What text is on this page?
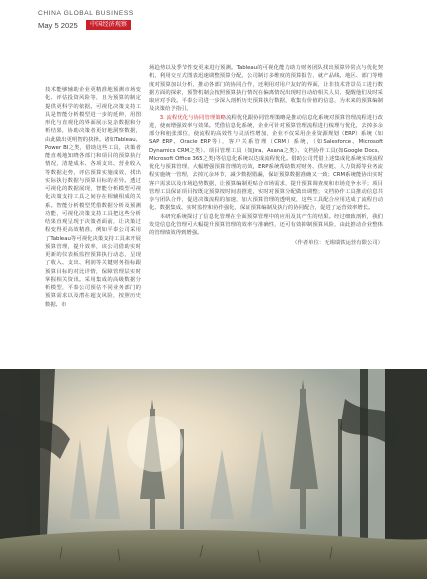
CHINA GLOBAL BUSINESS
May 5 2025	中国经济观察

技术能够辅助企业更精准地预测市场变化、评估投资风险等，且为预算的制定提供更科学的依据。可视化决策支持工具是智能分析模型进一步的延伸，用图形化与直观化的界面展示复杂数据和分析结果，协助决策者更好地洞察数据，由此做出更明智的抉择。诸如Tableau、Power BI之类，借助这些工具，决策者能直观地知晓各部门和项目的预算执行情况，清楚成本、各项支出、营业收入等数据走势，评估预算实施成效，找出实际执行数据与预算目标的差异。透过可视化的数据展现，智能分析模型可视化决策支持工具之间存在相辅相成的关系。智能分析模型凭借数据分析及预测功能，可视化决策支持工具把这些分析结果直观呈现于决策者面前，让决策过程变得更高效精准。例如平泰公司采用了Tableau等可视化决策支持工具来开展预算管理，提升效率，该公司借助实时更新的仪表板监控预算执行动态，呈现了收入、支出、利润等关键财务指标跟预算目标的对比详情，保障管理层实时掌握相关资讯。采用集成的高级数据分析模型，平泰公司预估不同业务部门的预算需求以及潜在超支风险，按照历史数据、市

场趋势以及季节性变更来进行预测。Tableau的可视化能力助力财务团队找出预算异常点与优化契机，利用交互式图表迅速调整预算分配，公司制订多维度的预算报告，就产品线、地区、部门等维度对预算加以分析，推动各部门的协同合作，还利用对用户友好的界面，让非技术背景员工进行数据方面的探索，预警机制会按照预算执行情况在偏离情况出现时自动给相关人员，提醒他们及时采取应对手段。平泰公司进一步深入剖析历史预算执行数据，收集有价值的信息，为未来的预算编制及决策给予指引。

3. 流程优化与协同管理策略流程优化跟协同管理策略是推动信息化系统对预算管理流程进行改进，使而增强效率与效果。凭借信息化系统，企业可针对预算管理流程进行梳理与优化，去掉多余部分和租张部位，使流程的高效性与灵活性增加，企业不仅采用企业资源规划（ERP）系统（如SAP ERP、Oracle ERP等），客户关系管理（CRM）系统，（如Salesforce、Microsoft Dynamics CRM之类）、项目管理工具（如Jira、Asana之类）、文档协作工具(如Google Docs、Microsoft Office 365之类)等信息化系统以达成流程优化。借助公司凭借上述集成化系统实现流程优化与预算管理，大幅增强预算管理的功效，ERP系统帮助数对财务、供应链、人力资源等业务流程实施统一管理，去掉冗余环节，减少数据错漏，保证预算数据准确又一致；CRM系统能协出实时客户需求以及市场趋势数据，让预算编制更贴合市场需求，提升预算调查度和市场竞争水平；项目管理工具保证项目按既定预算按时间表推进，实时对预算分配做出调整；文档协作工具推动信息共享与团队合作，促进决策流程的加速，加大预算管理的透明度，这些工具配合应用达成了流程自动化、数据集成、实时监控和协作强化，保证预算编制及执行的协同配合，促进了运营效率增长。

本研究系统探讨了信息化管理在全面预算管理中的应用及其产生的结果。经过细致剖析，我们发觉信息化管理可大幅提升预算管理的效率与准确性，还可有效抑制预算风险，由此推动企业整体的管理绩效得到增强。

（作者单位：无锡瑞铁运营有限公司）
